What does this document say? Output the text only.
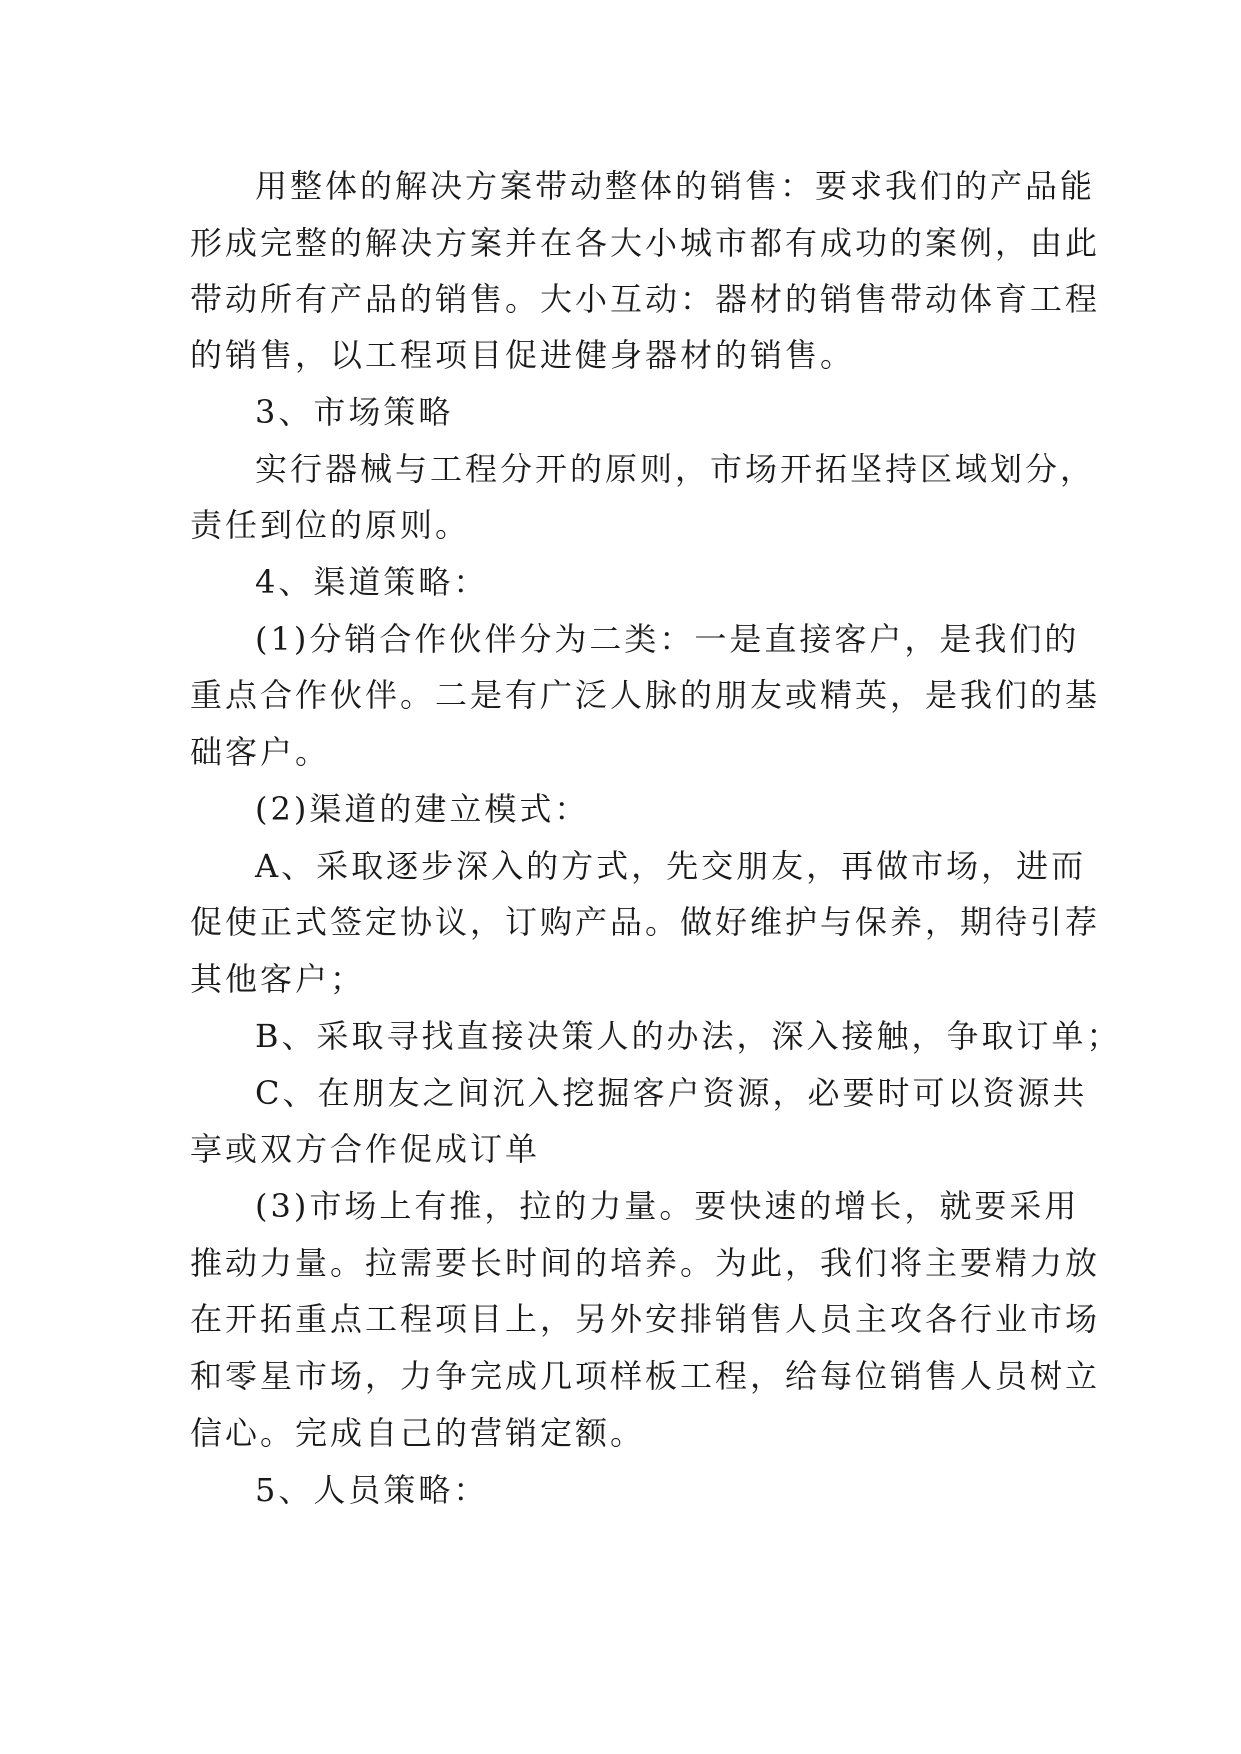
用整体的解决方案带动整体的销售：要求我们的产品能
形成完整的解决方案并在各大小城市都有成功的案例，由此
带动所有产品的销售。大小互动：器材的销售带动体育工程
的销售，以工程项目促进健身器材的销售。
3、市场策略
实行器械与工程分开的原则，市场开拓坚持区域划分，
责任到位的原则。
4、渠道策略：
(1)分销合作伙伴分为二类：一是直接客户，是我们的
重点合作伙伴。二是有广泛人脉的朋友或精英，是我们的基
础客户。
(2)渠道的建立模式：
A、采取逐步深入的方式，先交朋友，再做市场，进而
促使正式签定协议，订购产品。做好维护与保养，期待引荐
其他客户；
B、采取寻找直接决策人的办法，深入接触，争取订单；
C、在朋友之间沉入挖掘客户资源，必要时可以资源共
享或双方合作促成订单
(3)市场上有推，拉的力量。要快速的增长，就要采用
推动力量。拉需要长时间的培养。为此，我们将主要精力放
在开拓重点工程项目上，另外安排销售人员主攻各行业市场
和零星市场，力争完成几项样板工程，给每位销售人员树立
信心。完成自己的营销定额。
5、人员策略：
